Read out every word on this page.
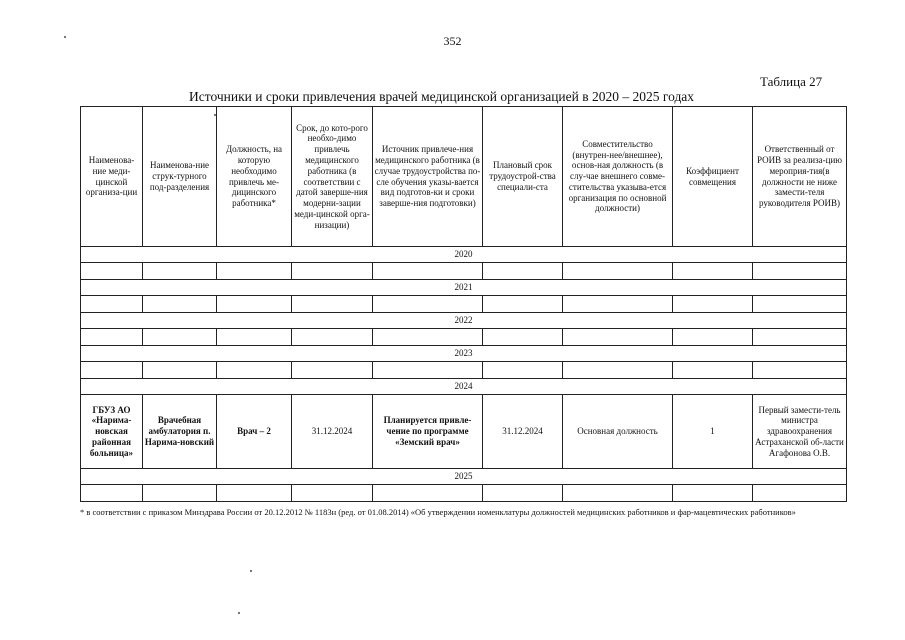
352
Таблица 27
Источники и сроки привлечения врачей медицинской организацией в 2020 – 2025 годах
Наименова-ние меди-цинской организа-ции	Наименова-ние струк-турного под-разделения	Должность, на которую необходимо привлечь ме-дицинского работника*	Срок, до кото-рого необхо-димо привлечь медицинского работника (в соответствии с датой заверше-ния модерни-зации меди-цинской орга-низации)	Источник привлече-ния медицинского работника (в случае трудоустройства по-сле обучения указы-вается вид подготов-ки и сроки заверше-ния подготовки)	Плановый срок трудоустрой-ства специали-ста	Совместительство (внутрен-нее/внешнее), основ-ная должность (в слу-чае внешнего совме-стительства указыва-ется организация по основной должности)	Коэффициент совмещения	Ответственный от РОИВ за реализа-цию мероприя-тия(в должности не ниже замести-теля руководителя РОИВ)
2020								

2021								

2022								

2023								

2024								
ГБУЗ АО «Нарима-новская районная больница»	Врачебная амбулатория п. Нарима-новский	Врач – 2	31.12.2024	Планируется привле-чение по программе «Земский врач»	31.12.2024	Основная должность	1	Первый замести-тель министра здравоохранения Астраханской об-ласти Агафонова О.В.
2025								

* в соответствии с приказом Минздрава России от 20.12.2012 № 1183н (ред. от 01.08.2014) «Об утверждении номенклатуры должностей медицинских работников и фар-мацевтических работников»
